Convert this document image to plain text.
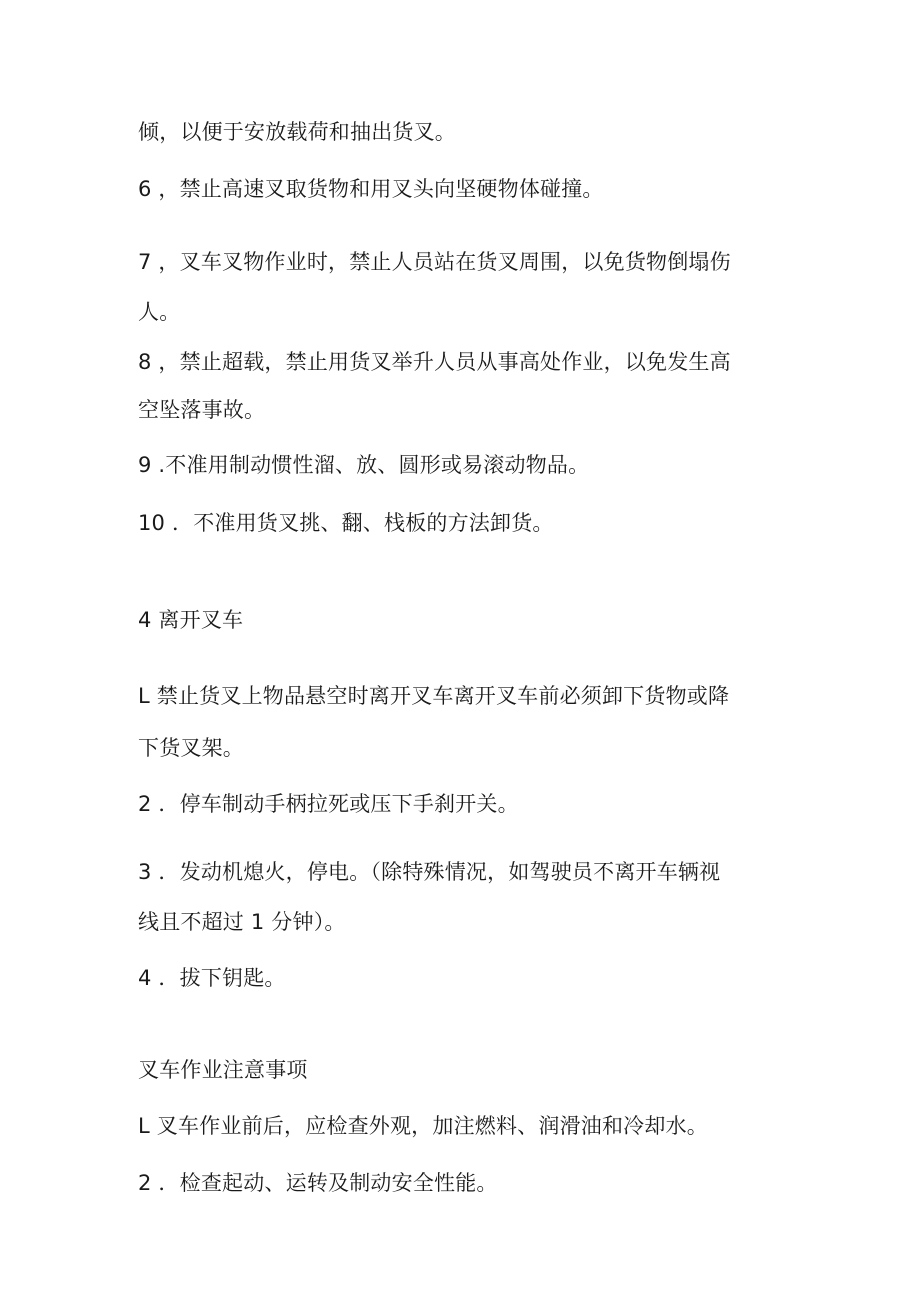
倾，以便于安放载荷和抽出货叉。

6 ，禁止高速叉取货物和用叉头向坚硬物体碰撞。

7 ，叉车叉物作业时，禁止人员站在货叉周围，以免货物倒塌伤

人。

8 ，禁止超载，禁止用货叉举升人员从事高处作业，以免发生高

空坠落事故。

9 .不准用制动惯性溜、放、圆形或易滚动物品。

10 ．不准用货叉挑、翻、栈板的方法卸货。

4 离开叉车

L 禁止货叉上物品悬空时离开叉车离开叉车前必须卸下货物或降

下货叉架。

2 ．停车制动手柄拉死或压下手刹开关。

3 ．发动机熄火，停电。（除特殊情况，如驾驶员不离开车辆视

线且不超过 1 分钟）。

4 ．拔下钥匙。

叉车作业注意事项

L 叉车作业前后，应检查外观，加注燃料、润滑油和冷却水。

2 ．检查起动、运转及制动安全性能。
